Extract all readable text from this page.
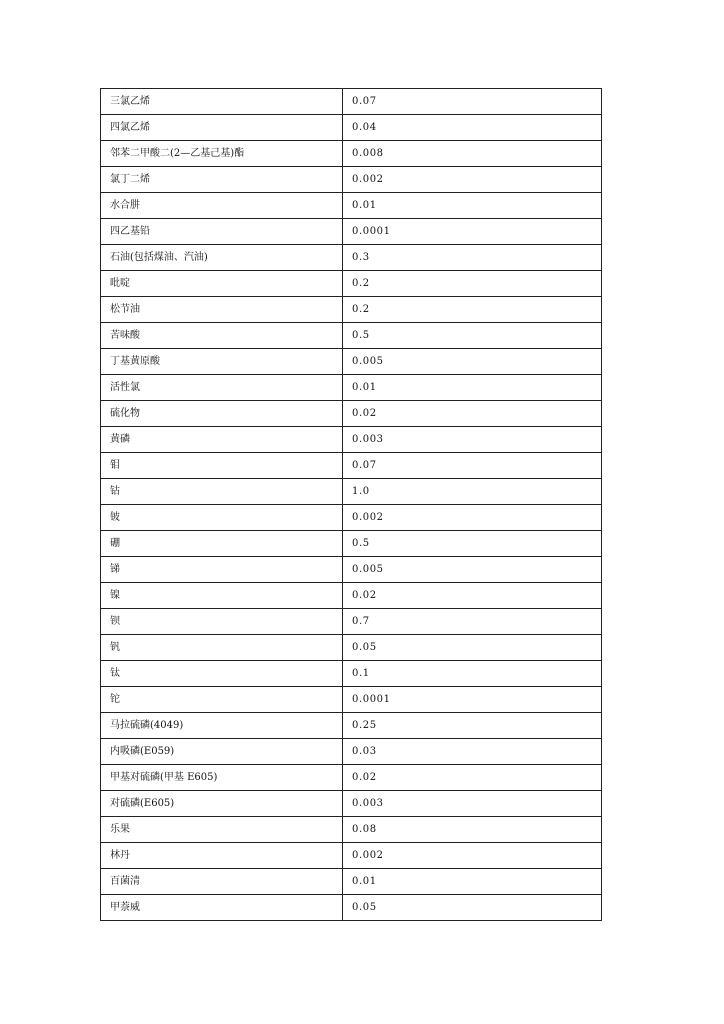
三氯乙烯	0.07
四氯乙烯	0.04
邻苯二甲酸二(2—乙基己基)酯	0.008
氯丁二烯	0.002
水合肼	0.01
四乙基铅	0.0001
石油(包括煤油、汽油)	0.3
吡啶	0.2
松节油	0.2
苦味酸	0.5
丁基黄原酸	0.005
活性氯	0.01
硫化物	0.02
黄磷	0.003
钼	0.07
钴	1.0
铍	0.002
硼	0.5
锑	0.005
镍	0.02
钡	0.7
钒	0.05
钛	0.1
铊	0.0001
马拉硫磷(4049)	0.25
内吸磷(E059)	0.03
甲基对硫磷(甲基 E605)	0.02
对硫磷(E605)	0.003
乐果	0.08
林丹	0.002
百菌清	0.01
甲萘威	0.05
